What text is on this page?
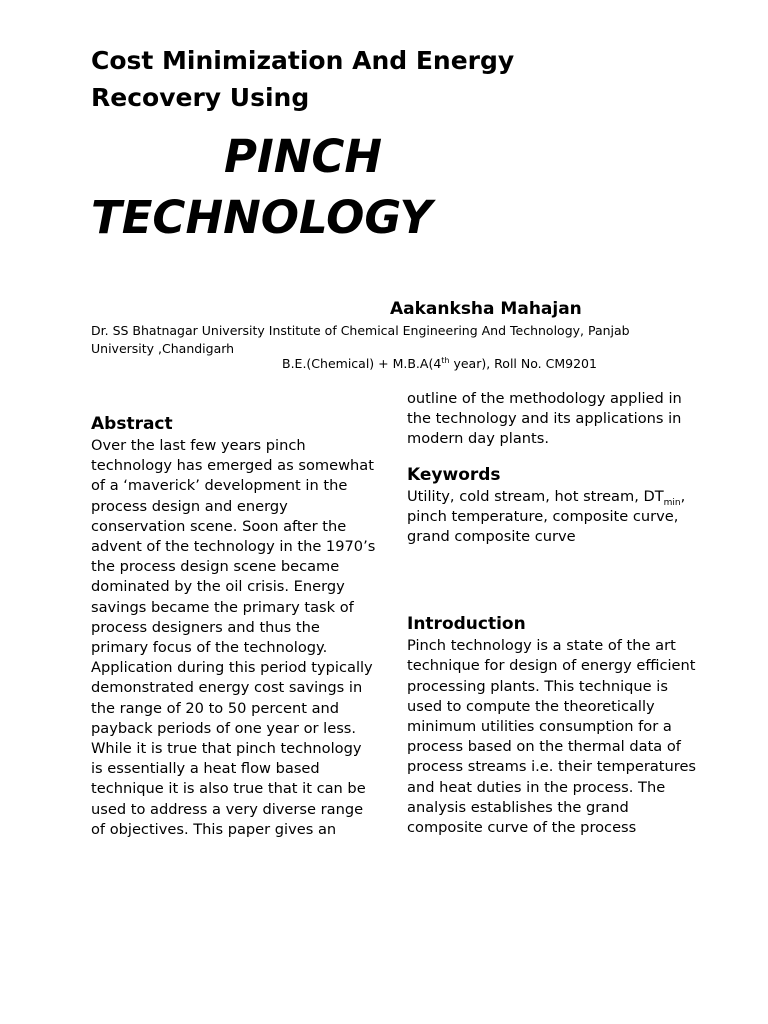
Cost Minimization And Energy
Recovery Using
PINCH
TECHNOLOGY
Aakanksha Mahajan
Dr. SS Bhatnagar University Institute of Chemical Engineering And Technology, Panjab University ,Chandigarh
B.E.(Chemical) + M.B.A(4th year), Roll No. CM9201
Abstract

Over the last few years pinch technology has emerged as somewhat of a ‘maverick’ development in the process design and energy conservation scene. Soon after the advent of the technology in the 1970’s the process design scene became dominated by the oil crisis. Energy savings became the primary task of process designers and thus the primary focus of the technology. Application during this period typically demonstrated energy cost savings in the range of 20 to 50 percent and payback periods of one year or less. While it is true that pinch technology is essentially a heat flow based technique it is also true that it can be used to address a very diverse range of objectives. This paper gives an

outline of the methodology applied in the technology and its applications in modern day plants.

Keywords

Utility, cold stream, hot stream, $DT_{min}$, pinch temperature, composite curve, grand composite curve

Introduction

Pinch technology is a state of the art technique for design of energy efficient processing plants. This technique is used to compute the theoretically minimum utilities consumption for a process based on the thermal data of process streams i.e. their temperatures and heat duties in the process. The analysis establishes the grand composite curve of the process
